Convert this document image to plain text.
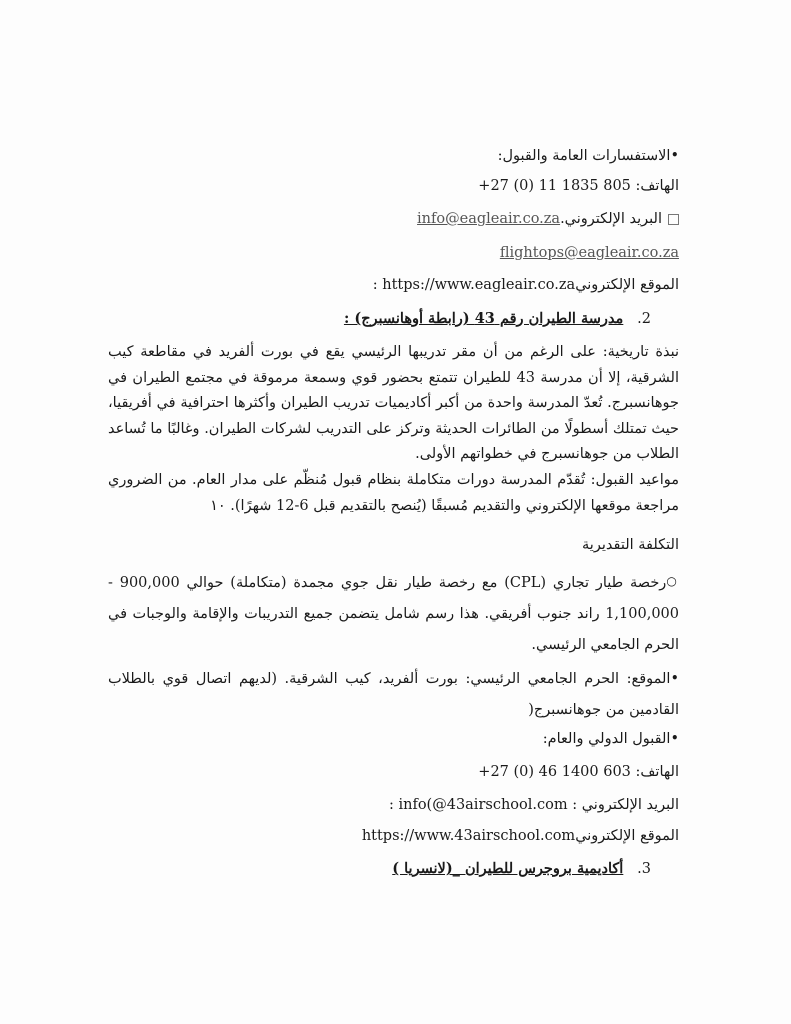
•الاستفسارات العامة والقبول:
الهاتف: +27 (0) 11 1835 805
البريد الإلكتروني.info@eagleair.co.za
flightops@eagleair.co.za
الموقع الإلكترونيhttps://www.eagleair.co.za :
2.   مدرسة الطيران رقم 43 (رابطة أوهانسبرج) :
نبذة تاريخية: على الرغم من أن مقر تدريبها الرئيسي يقع في بورت ألفريد في مقاطعة كيب الشرقية، إلا أن مدرسة 43 للطيران تتمتع بحضور قوي وسمعة مرموقة في مجتمع الطيران في جوهانسبرج. تُعدّ المدرسة واحدة من أكبر أكاديميات تدريب الطيران وأكثرها احترافية في أفريقيا، حيث تمتلك أسطولًا من الطائرات الحديثة وتركز على التدريب لشركات الطيران. وغالبًا ما تُساعد الطلاب من جوهانسبرج في خطواتهم الأولى.
مواعيد القبول: تُقدّم المدرسة دورات متكاملة بنظام قبول مُنظّم على مدار العام. من الضروري مراجعة موقعها الإلكتروني والتقديم مُسبقًا (يُنصح بالتقديم قبل 6-12 شهرًا). ١٠
التكلفة التقديرية
○رخصة طيار تجاري (CPL) مع رخصة طيار نقل جوي مجمدة (متكاملة) حوالي 900,000 - 1,100,000 راند جنوب أفريقي. هذا رسم شامل يتضمن جميع التدريبات والإقامة والوجبات في الحرم الجامعي الرئيسي.
•الموقع: الحرم الجامعي الرئيسي: بورت ألفريد، كيب الشرقية. (لديهم اتصال قوي بالطلاب القادمين من جوهانسبرج(
•القبول الدولي والعام:
الهاتف: +27 (0) 46 1400 603
البريد الإلكتروني : info(@43airschool.com :
الموقع الإلكترونيhttps://www.43airschool.com
3.   أكاديمية بروجرس للطيران _(لانسريا )
